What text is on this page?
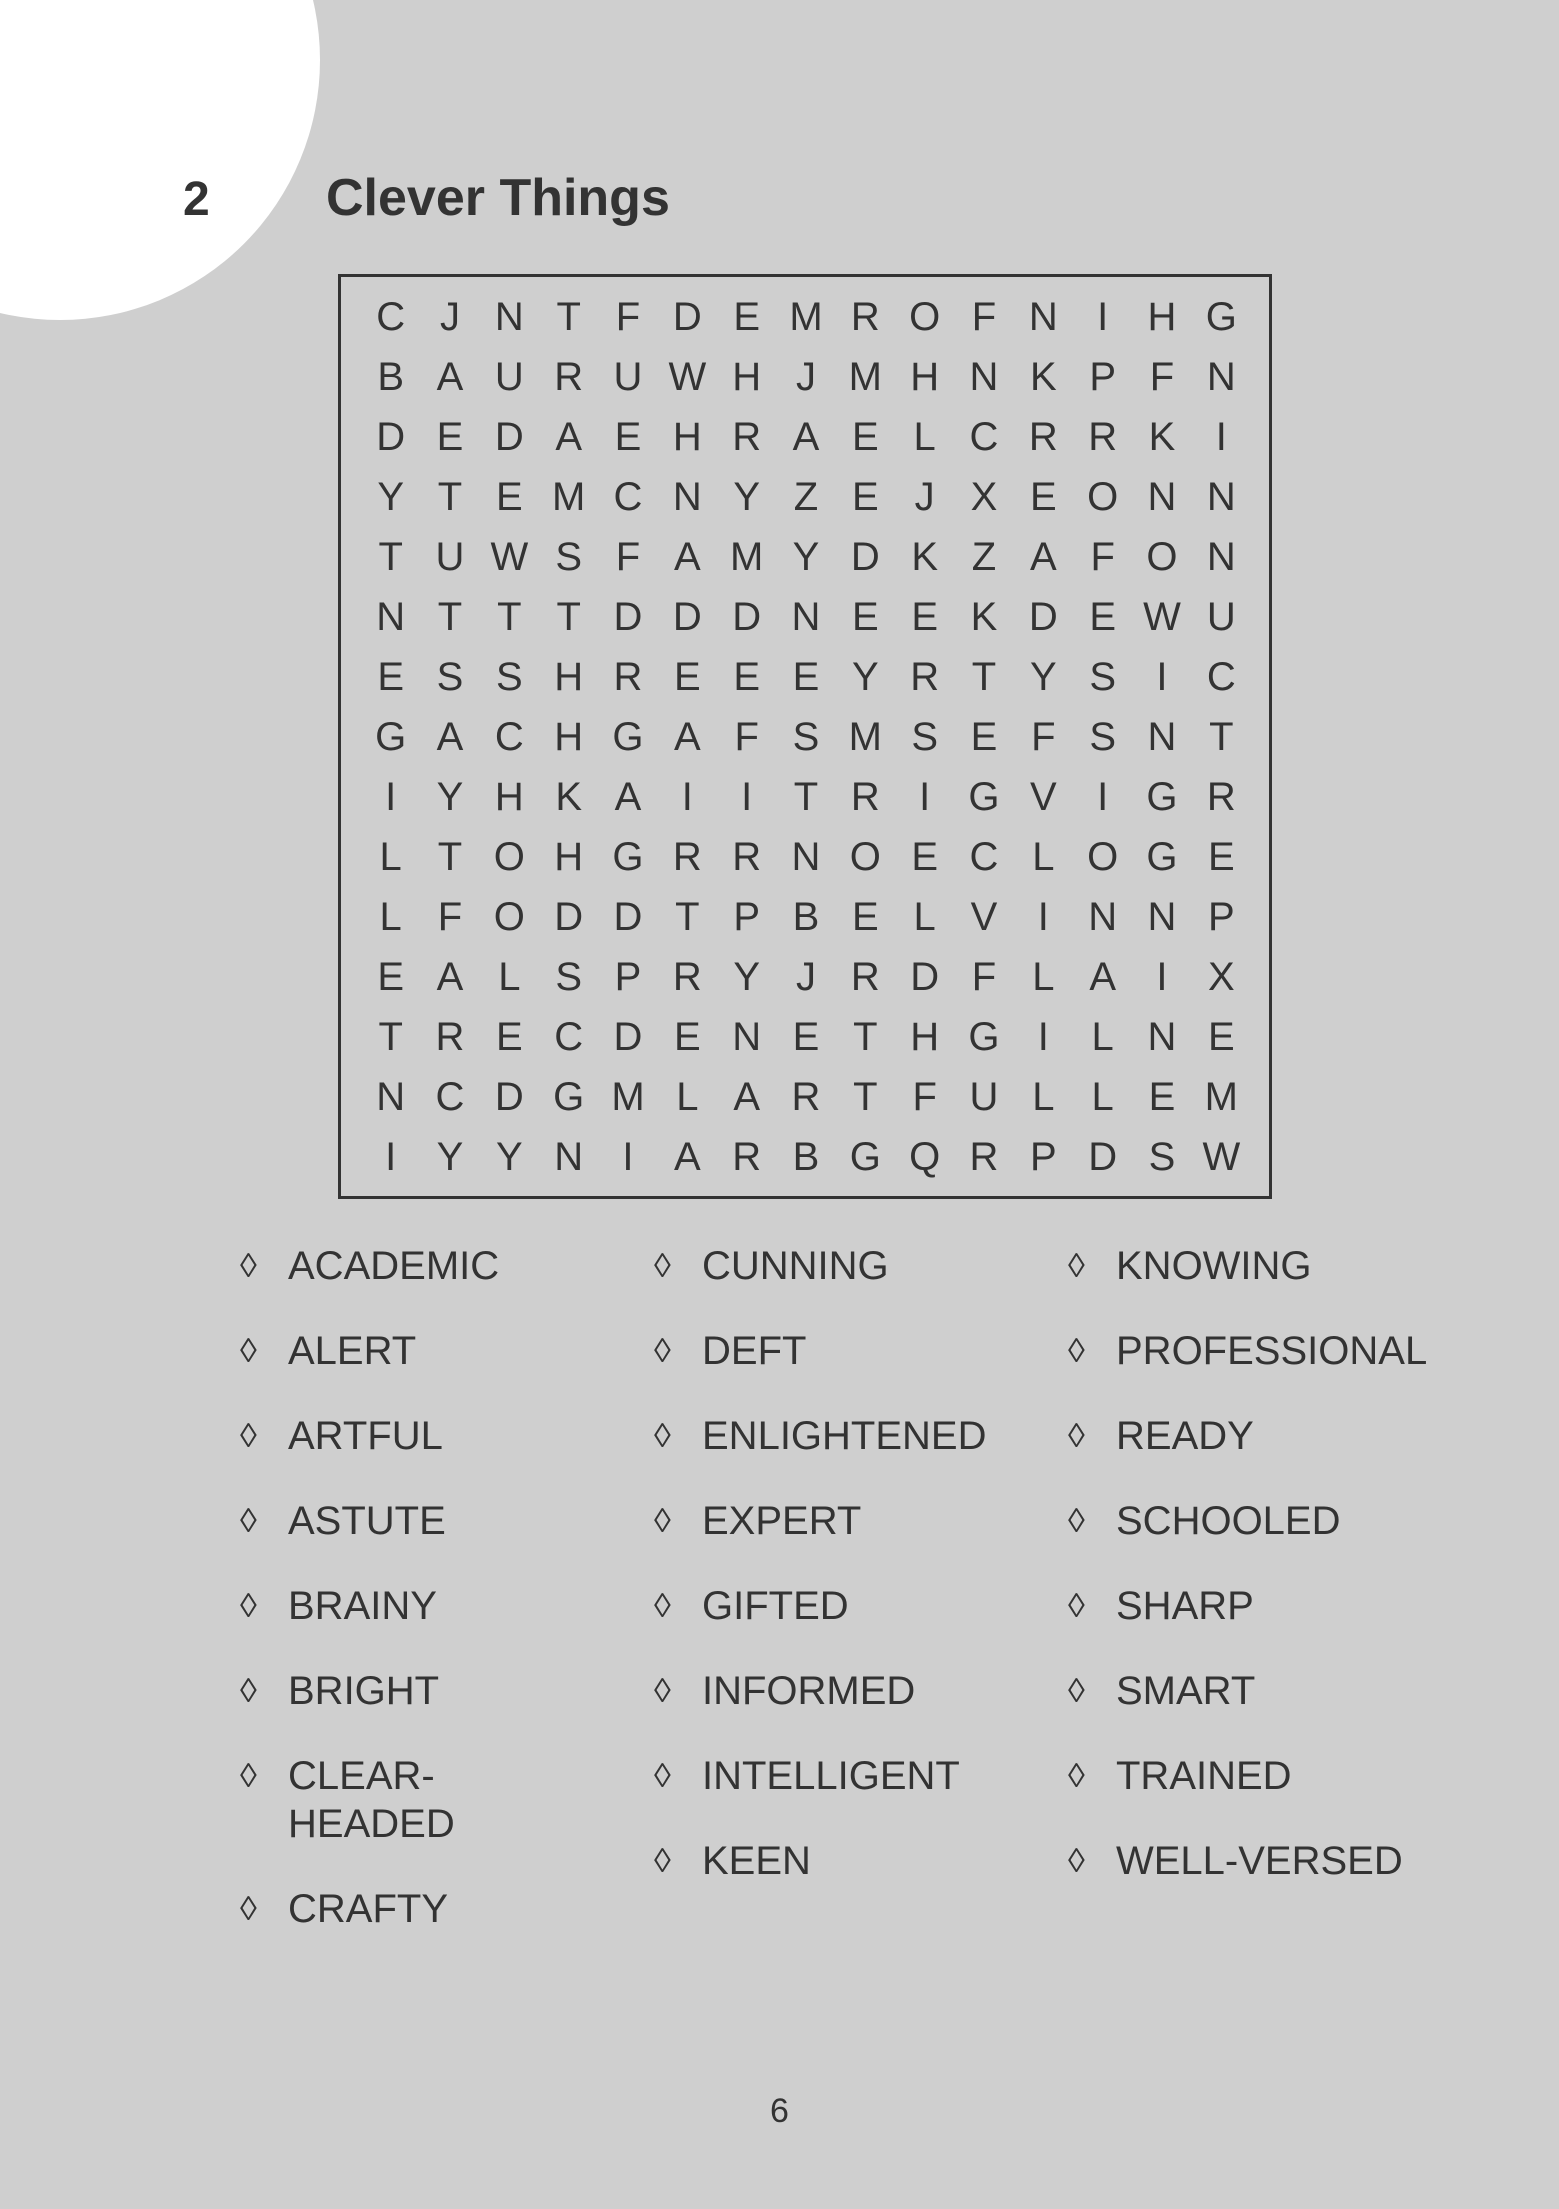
2 Clever Things
C J N T F D E M R O F N I H G
B A U R U W H J M H N K P F N
D E D A E H R A E L C R R K	I
Y T E M C N Y Z E J X E O N N
T U W S F A M Y D K Z A F O N
N T T T D D D N E E K D E W U
E S S H R E E E Y R T Y S	I C
G A C H G A F S M S E F S N T
I	Y H K A	I	I	T R I G V	I G R
L T O H G R R N O E C L O G E
L F O D D T P B E L V	I N N P
E A L S P R Y J R D F L A	I	X
T R E C D E N E T H G I	L N E
N C D G M L A R T F U L L E M
I	Y Y N I	A R B G Q R P D S W
◊ ACADEMIC
◊ ALERT
◊ ARTFUL
◊ ASTUTE
◊ BRAINY
◊ BRIGHT
◊ CLEAR-
HEADED
◊ CRAFTY
◊ CUNNING
◊ DEFT
◊ ENLIGHTENED
◊ EXPERT
◊ GIFTED
◊ INFORMED
◊ INTELLIGENT
◊ KEEN
◊ KNOWING
◊ PROFESSIONAL
◊ READY
◊ SCHOOLED
◊ SHARP
◊ SMART
◊ TRAINED
◊ WELL-VERSED
6
